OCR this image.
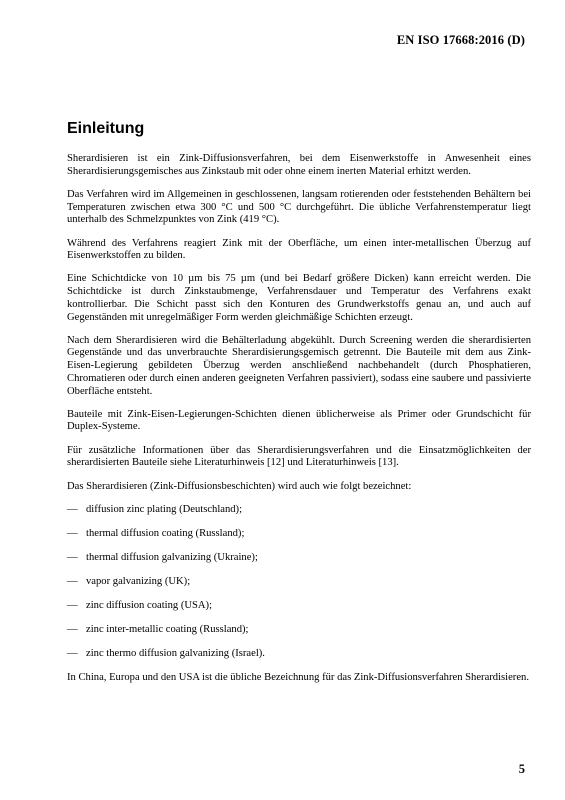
EN ISO 17668:2016 (D)
Einleitung

Sherardisieren ist ein Zink-Diffusionsverfahren, bei dem Eisenwerkstoffe in Anwesenheit eines Sherardisierungsgemisches aus Zinkstaub mit oder ohne einem inerten Material erhitzt werden.

Das Verfahren wird im Allgemeinen in geschlossenen, langsam rotierenden oder feststehenden Behältern bei Temperaturen zwischen etwa 300 °C und 500 °C durchgeführt. Die übliche Verfahrenstemperatur liegt unterhalb des Schmelzpunktes von Zink (419 °C).

Während des Verfahrens reagiert Zink mit der Oberfläche, um einen inter-metallischen Überzug auf Eisenwerkstoffen zu bilden.

Eine Schichtdicke von 10 µm bis 75 µm (und bei Bedarf größere Dicken) kann erreicht werden. Die Schichtdicke ist durch Zinkstaubmenge, Verfahrensdauer und Temperatur des Verfahrens exakt kontrollierbar. Die Schicht passt sich den Konturen des Grundwerkstoffs genau an, und auch auf Gegenständen mit unregelmäßiger Form werden gleichmäßige Schichten erzeugt.

Nach dem Sherardisieren wird die Behälterladung abgekühlt. Durch Screening werden die sherardisierten Gegenstände und das unverbrauchte Sherardisierungsgemisch getrennt. Die Bauteile mit dem aus Zink-Eisen-Legierung gebildeten Überzug werden anschließend nachbehandelt (durch Phosphatieren, Chromatieren oder durch einen anderen geeigneten Verfahren passiviert), sodass eine saubere und passivierte Oberfläche entsteht.

Bauteile mit Zink-Eisen-Legierungen-Schichten dienen üblicherweise als Primer oder Grundschicht für Duplex-Systeme.

Für zusätzliche Informationen über das Sherardisierungsverfahren und die Einsatzmöglichkeiten der sherardisierten Bauteile siehe Literaturhinweis [12] und Literaturhinweis [13].

Das Sherardisieren (Zink-Diffusionsbeschichten) wird auch wie folgt bezeichnet:

— diffusion zinc plating (Deutschland);
— thermal diffusion coating (Russland);
— thermal diffusion galvanizing (Ukraine);
— vapor galvanizing (UK);
— zinc diffusion coating (USA);
— zinc inter-metallic coating (Russland);
— zinc thermo diffusion galvanizing (Israel).

In China, Europa und den USA ist die übliche Bezeichnung für das Zink-Diffusionsverfahren Sherardisieren.

5
